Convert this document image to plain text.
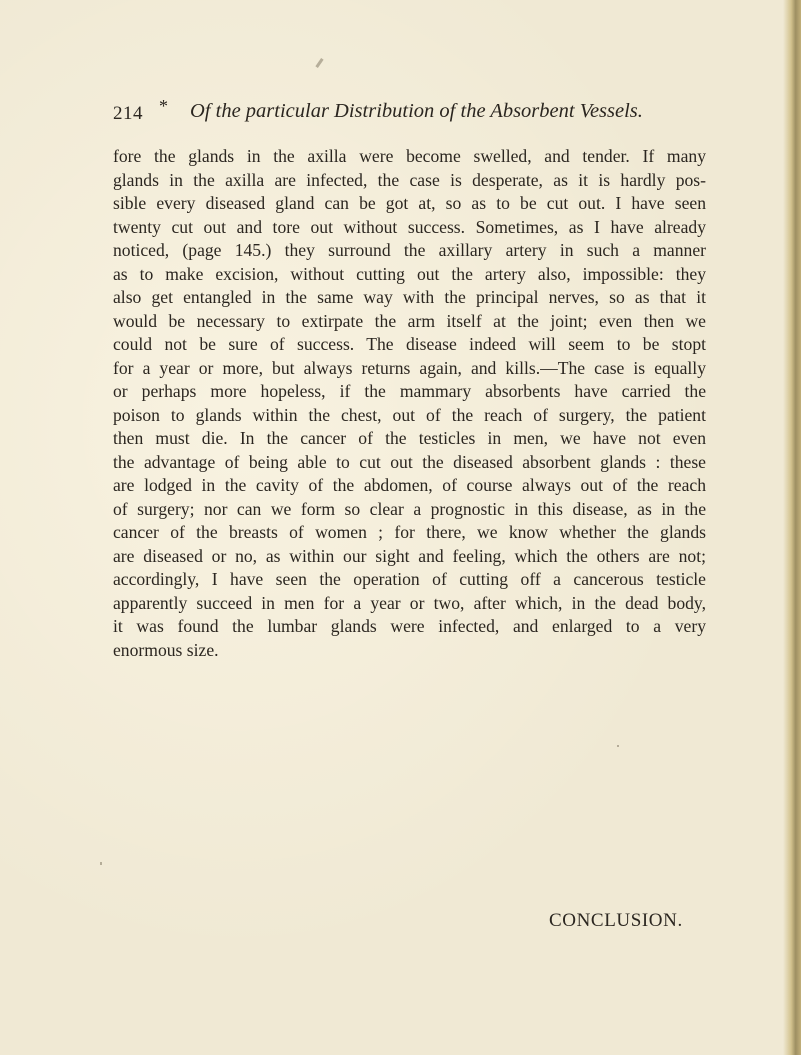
214 * Of the particular Distribution of the Absorbent Vessels.
fore the glands in the axilla were become swelled, and tender. If many
glands in the axilla are infected, the case is desperate, as it is hardly pos-
sible every diseased gland can be got at, so as to be cut out. I have seen
twenty cut out and tore out without success. Sometimes, as I have already
noticed, (page 145.) they surround the axillary artery in such a manner
as to make excision, without cutting out the artery also, impossible: they
also get entangled in the same way with the principal nerves, so as that it
would be necessary to extirpate the arm itself at the joint; even then we
could not be sure of success. The disease indeed will seem to be stopt
for a year or more, but always returns again, and kills.—The case is equally
or perhaps more hopeless, if the mammary absorbents have carried the
poison to glands within the chest, out of the reach of surgery, the patient
then must die. In the cancer of the testicles in men, we have not even
the advantage of being able to cut out the diseased absorbent glands : these
are lodged in the cavity of the abdomen, of course always out of the reach
of surgery; nor can we form so clear a prognostic in this disease, as in the
cancer of the breasts of women ; for there, we know whether the glands
are diseased or no, as within our sight and feeling, which the others are not;
accordingly, I have seen the operation of cutting off a cancerous testicle
apparently succeed in men for a year or two, after which, in the dead body,
it was found the lumbar glands were infected, and enlarged to a very
enormous size.
CONCLUSION.
